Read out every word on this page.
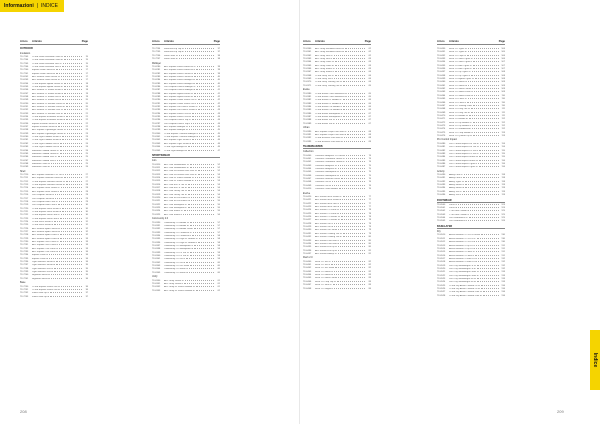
Informazioni | INDICE
Art.no	Articolo	Page
OUTDOOR
Insulation
TF-7203	CORE Down Insulated Parka W	15
TF-7204	CORE Down Insulated Parka M	15
TF-7205	CORE Down Insulated Vest W	15
TF-7206	CORE Down Insulated Vest M	15
TF-7200	Explore Down Jacket W	17
TF-7201	Explore Down Jacket M	17
TF-6242	ADV Endure Down Jacket W	17
TF-6243	ADV Endure Down Jacket M	17
TF-6244	CORE Explore Hybrid Jacket W	18
TF-6245	CORE Explore Hybrid Jacket M	18
TF-6246	ADV Endure 2L Shield Jacket W	18
TF-6247	ADV Endure 2L Shield Jacket M	19
TF-6248	ADV Endure 2L Shield Vest W	19
TF-6249	ADV Endure 2L Shield Vest M	20
TF-6250	ADV Endure 2L Insulate Jacket W	20
TF-6251	ADV Endure 2L Insulate Jacket M	20
TF-6252	ADV Endure 2L Insulate Vest W	21
TF-6253	ADV Endure 2L Insulate Vest M	21
TF-6254	CORE Explore Insulated Jacket W	21
TF-6255	CORE Explore Insulated Jacket M	22
TF-6256	Explore Insulate Jacket W	22
TF-6257	Explore Insulate Jacket M	22
TF-6258	ADV Explore Lightweight Jacket W	23
TF-6259	ADV Explore Lightweight Jacket M	23
TF-6260	CORE Light Padded Jacket W	23
TF-6261	CORE Light Padded Jacket M	24
TF-6262	CORE Light Padded Vest W	24
TF-6263	CORE Light Padded Vest M	24
TF-6264	Mountain Padded Jacket W	24
TF-6265	Mountain Padded Jacket M	25
TF-6266	Mountain Padded Vest W	25
TF-6267	Mountain Padded Vest M	25
TF-6268	Mountain Parka W	25
TF-6269	Mountain Parka M	26
Shell
TF-7210	ADV Explore Softshell 2.5L Jkt W	27
TF-7211	ADV Explore Softshell Jacket M	27
TF-7212	CORE Explore Softshell Jacket W	27
TF-7213	CORE Explore Softshell Jacket M	28
TF-7214	ADV Explore Shell Jacket W	28
TF-7215	ADV Explore Shell Jacket M	28
TF-7216	PRO Explore Jacket W	29
TF-7217	PRO Explore Jacket M	29
TF-7218	PRO Explore Rain Pant W	29
TF-7219	PRO Explore Rain Pant M	30
TF-7220	CORE Explore Shell Jacket W	30
TF-7221	CORE Explore Shell Jacket M	30
TF-7222	CORE Explore Shell Pant W	30
TF-7223	CORE Explore Shell Pant M	31
TF-7224	CORE Shell Jacket W	31
TF-7225	CORE Shell Jacket M	31
TF-7226	ADV Endure Hydro Jacket W	32
TF-7227	ADV Endure Hydro Jacket M	32
TF-7228	ADV Endure Hydro Pants W	32
TF-7229	ADV Endure Hydro Pants M	33
TF-7230	ADV Explore Tech Pants W	33
TF-7231	ADV Explore Tech Pants M	33
TF-7232	ADV Explore Trek Pants W	33
TF-7233	ADV Explore Trek Pants M	34
TF-7234	Explore Pants W	34
TF-7235	Explore Pants M	34
TF-7236	Light Softshell Jacket W	34
TF-7237	Light Softshell Jacket M	35
TF-7238	Light Softshell Vest W	35
TF-7239	Light Softshell Vest M	35
TF-7240	Highland Jacket W	35
TF-7241	Highland Jacket M	36
Base
TF-7250	CORE Explore Fleece Set W	36
TF-7251	CORE Explore Fleece Set M	36
TF-7252	Fleece Half Zip W	37
TF-7253	Fleece Half Zip M	37
Art.no	Articolo	Page
TF-7254	Wool Half Zip Top W	37
TF-7255	Wool Half Zip Top M	37
TF-7256	Wool Pants W	38
TF-7257	Wool Pants M	38
Midlayer
TF-6280	ADV Explore Fleece Hood Jkt W	39
TF-6281	ADV Explore Fleece Hood Jkt M	39
TF-6282	ADV Explore Fleece Jacket W	39
TF-6283	ADV Explore Fleece Jacket M	40
TF-6284	ADV Explore Fleece Midlayer W	40
TF-6285	ADV Explore Fleece Midlayer M	40
TF-6286	PRO Explore Fleece Midlayer W	41
TF-6287	PRO Explore Fleece Midlayer M	41
TF-6288	ADV Explore Hybrid Jacket W	41
TF-6289	ADV Explore Hybrid Jacket M	42
TF-6290	ADV Explore Power Fleece Jkt W	42
TF-6291	ADV Explore Power Fleece Jkt M	42
TF-6292	ADV Explore Pile Fleece Jacket W	43
TF-6293	ADV Explore Pile Fleece Jacket M	43
TF-6294	ADV Explore Fleece Vest W	43
TF-6295	ADV Explore Fleece Vest M	44
TF-6296	PRO Explore Fleece Top W	44
TF-6297	PRO Explore Fleece Top M	44
TF-6298	ADV Explore Midlayer W	45
TF-6299	ADV Explore Midlayer M	45
TF-6300	CORE Explore Thermal Midlayer W	45
TF-6301	CORE Explore Thermal Midlayer M	46
TF-6302	ADV Explore Light Jacket W	46
TF-6303	ADV Explore Light Jacket M	46
TF-6304	CORE Light Midlayer W	46
TF-6305	CORE Light Midlayer M	47
SPORTSWEAR
Join
TF-6310	ADV Join Windbreaker W	52
TF-6311	ADV Join Windbreaker M	52
TF-6312	ADV Join FN Woven Insul Vest W	52
TF-6313	ADV Join FN Woven Insul Vest M	53
TF-6314	ADV Join FZ Fleece Hoodie W	53
TF-6315	ADV Join FZ Fleece Hoodie M	53
TF-6316	ADV Join RN LS Tee W	53
TF-6317	ADV Join RN LS Tee M	54
TF-6318	ADV Join Jersey Tee W	54
TF-6319	ADV Join Jersey Tee M	54
TF-6320	ADV Join SS RN Fleece W	54
TF-6321	ADV Join SS RN Fleece M	55
TF-6322	ADV Join Sweatpant W	55
TF-6323	ADV Join Sweatpant M	55
TF-6324	ADV Join Shorts W	55
TF-6325	ADV Join Shorts M	56
Community 2.0
TF-6330	Community 2.0 Hoodie W	57
TF-6331	Community 2.0 Hoodie M	57
TF-6332	Community 2.0 Hoodie Junior	57
TF-6333	Community 2.0 Crewneck W	57
TF-6334	Community 2.0 Crewneck M	58
TF-6335	Community 2.0 Logo FZ Hoodie W	58
TF-6336	Community 2.0 Logo FZ Hoodie M	58
TF-6337	Community 2.0 Sweatpants W	58
TF-6338	Community 2.0 Sweatpants M	59
TF-6339	Community 2.0 LS Tee W	59
TF-6340	Community 2.0 LS Tee M	59
TF-6341	Community 2.0 Tee W	59
TF-6342	Community 2.0 Tee M	60
TF-6343	Community 2.0 Tee Junior	60
TF-6344	Community 2.0 Shorts W	60
TF-6345	Community 2.0 Shorts M	60
Unify
TF-6350	ADV Unify Jacket W	61
TF-6351	ADV Unify Jacket M	61
TF-6352	ADV Unify FZ Fleece Hoodie W	61
TF-6353	ADV Unify FZ Fleece Hoodie M	62
Art.no	Articolo	Page
TF-6360	ADV Unify Insulated Jacket W	62
TF-6361	ADV Unify Insulated Jacket M	62
TF-6362	ADV Unify Vest W	62
TF-6363	ADV Unify Vest M	63
TF-6364	ADV Unify Pants W	63
TF-6365	ADV Unify Pants M	63
TF-6366	ADV Unify Shorts W	63
TF-6367	ADV Unify Shorts M	64
TF-6368	CORE Unify Tee W	64
TF-6369	CORE Unify Tee M	64
TF-6370	CORE Unify Training Tee W	64
TF-6371	CORE Unify Training Tee M	65
Evoke
TF-6380	CORE Evoke Crew Sweatshirt W	65
TF-6381	CORE Evoke Crew Sweatshirt M	65
TF-6382	CORE Evoke FZ Hoodie W	66
TF-6383	CORE Evoke FZ Hoodie M	66
TF-6384	CORE Evoke Pull Hoodie W	66
TF-6385	CORE Evoke Pull Hoodie M	66
TF-6386	CORE Evoke Sweatpants W	67
TF-6387	CORE Evoke Sweatpants M	67
TF-6388	CORE Evoke Tee W	67
TF-6389	CORE Evoke Tee M	67
Urban
TF-6390	ADV Explore Pique Polo Shirt W	68
TF-6391	ADV Explore Pique Polo Shirt M	68
TF-6392	CORE Essence Polo Shirt W	68
TF-6393	CORE Essence Polo Shirt M	69
TEAMWEAR/WB
Collection
TF-6400	Collective Bodyvest 2.0 Unisex	74
TF-6401	Collective Teamwear Jacket W	74
TF-6402	Collective Teamwear Jacket M	74
TF-6403	Collective Bodyvest W	75
TF-6404	Collective Bodyvest M	75
TF-6405	Collective Sweatpants W	75
TF-6406	Collective Sweatpants M	75
TF-6407	Collective Softshell Jacket	76
TF-6408	Collective Tee W	76
TF-6409	Collective Tee M	76
TF-6410	Collective Team Hoodie	76
Evolve
TF-6420	ADV Evolve Insul Jacket W	77
TF-6421	ADV Evolve Insul Jacket M	77
TF-6422	ADV Evolve Insul Vest W	77
TF-6423	ADV Evolve Insul Vest M	77
TF-6424	ADV Evolve 2.0 Pants W	78
TF-6425	ADV Evolve 2.0 Pants M	78
TF-6426	ADV Evolve 2.0 Shorts W	78
TF-6427	ADV Evolve 2.0 Shorts M	78
TF-6428	ADV Evolve Tee W	79
TF-6429	ADV Evolve Tee M	79
TF-6430	ADV Evolve Tee Junior	79
TF-6431	ADV Evolve Training Tee W	79
TF-6432	ADV Evolve Training Tee M	80
TF-6433	ADV Evolve Polo Shirt W	80
TF-6434	ADV Evolve Polo Shirt M	80
TF-6435	ADV Evolve Full Zip W	80
TF-6436	ADV Evolve Full Zip M	81
TF-6437	ADV Evolve Halfzip W	81
Rush 2.0
TF-6440	Rush 2.0 Tee W	82
TF-6441	Rush 2.0 Tee M	82
TF-6442	Rush 2.0 Tee Junior	82
TF-6443	Rush 2.0 Shorts W	82
TF-6444	Rush 2.0 Shorts M	83
TF-6445	Rush 2.0 Shorts Junior	83
TF-6446	Rush 2.0 Crop Top W	83
TF-6447	Rush 2.0 Tank W	83
TF-6448	Rush 2.0 Singlet M	84
Art.no	Articolo	Page
TF-6450	Rush 2.0 Tights W	104
TF-6451	Rush 2.0 Tights M	105
TF-6452	Rush 2.0 Capri W	106
TF-6453	Rush 2.0 Short Tights W	106
TF-6454	Rush 2.0 Short Tights M	107
TF-6455	Rush 2.0 Bike Tights W	107
TF-6456	Rush 2.0 Bike Tights M	107
TF-6457	Rush 2.0 Zip Tights W	108
TF-6458	Rush 2.0 Zip Tights M	108
TF-6459	Rush 2.0 Hybrid Tights W	108
TF-6460	Rush 2.0 Shorts W	109
TF-6461	Rush 2.0 Shorts M	109
TF-6462	Rush 2.0 Shorts Junior	109
TF-6463	Rush 2.0 Sweat Pants W	109
TF-6464	Rush 2.0 Sweat Pants M	110
TF-6465	Rush 2.0 Pants W	110
TF-6466	Rush 2.0 Pants M	110
TF-6467	Rush 2.0 Training Pants	110
TF-6468	Rush 2.0 Long Tee W	111
TF-6469	Rush 2.0 Long Tee M	111
TF-6470	Rush 2.0 Hoodie W	111
TF-6471	Rush 2.0 Hoodie M	112
TF-6472	Rush 2.0 Zip Hoodie W	112
TF-6473	Rush 2.0 Zip Hoodie M	112
TF-6474	Rush 2.0 Windbreaker	112
TF-6475	Rush 2.0 Crop Hoodie W	113
TF-6476	Rush 2.0 Quarter Zip W	113
Pro Control Impact
TF-6480	PRO Control Impact SS Tee M	114
TF-6481	PRO Control Impact SS Tee W	114
TF-6482	PRO Control Impact LS Tee M	115
TF-6483	PRO Control Impact LS Tee W	115
TF-6484	PRO Control Impact Shorts M	115
TF-6485	PRO Control Impact Shorts W	116
TF-6486	PRO Control Impact Tights M	116
TF-6487	PRO Control Impact Tights W	116
Activity
TF-6490	Ability Pant W	118
TF-6491	Ability Pant M	118
TF-6492	Ability Tights W	118
TF-6493	Ability Shorts W	119
TF-6494	Ability Shorts M	119
TF-6495	Ability Tee W	119
TF-6496	Ability Tee M	119
FOOTWEAR
TF-6500	Pacer W	124
TF-6501	Pacer M	124
TF-6502	CTM Ultra Carbon M	125
TF-6503	CTM Ultra Carbon W	125
TF-6504	PRO Endurance W	125
TF-6505	PRO Endurance M	126
BASELAYER
Dry
TF-6510	Active Extreme X CN LS Unisex	130
TF-6511	Active Extreme X CN LS W	130
TF-6512	Active Extreme X CN LS M	130
TF-6513	Active Extreme X Zip LS W	131
TF-6514	Active Extreme X Zip LS M	131
TF-6515	Active Extreme X Pants W	131
TF-6516	Active Extreme X Pants M	131
TF-6517	Active Extreme X Wind LS W	132
TF-6518	Active Extreme X Wind LS M	132
TF-6519	PRO Dry Nanoweight LS W	132
TF-6520	PRO Dry Nanoweight LS M	132
TF-6521	PRO Dry Nanoweight Pants W	133
TF-6522	PRO Dry Nanoweight Pants M	133
TF-6523	PRO Dry Nanoweight SS W	133
TF-6524	PRO Dry Nanoweight SS M	133
TF-6525	CORE Dry Active Comfort LS W	134
TF-6526	CORE Dry Active Comfort LS M	134
TF-6527	CORE Dry Active Comfort Pant W	134
TF-6528	CORE Dry Active Comfort Pant M	134
208	209
Indice
